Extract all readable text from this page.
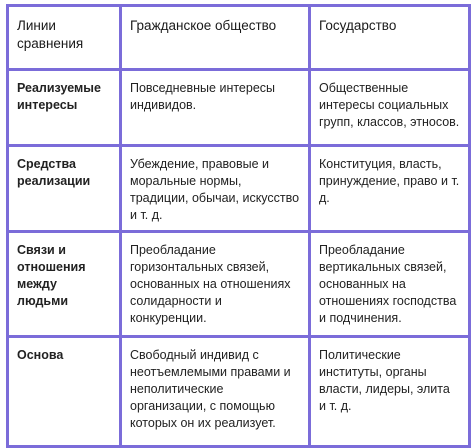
Линии сравнения	Гражданское общество	Государство
Реализуемые интересы	Повседневные интересы индивидов.	Общественные интересы социальных групп, классов, этносов.
Средства реализации	Убеждение, правовые и моральные нормы, традиции, обычаи, искусство и т. д.	Конституция, власть, принуждение, право и т. д.
Связи и отношения между людьми	Преобладание горизонтальных связей, основанных на отношениях солидарности и конкуренции.	Преобладание вертикальных связей, основанных на отношениях господства и подчинения.
Основа	Свободный индивид с неотъемлемыми правами и неполитические организации, с помощью которых он их реализует.	Политические институты, органы власти, лидеры, элита и т. д.
